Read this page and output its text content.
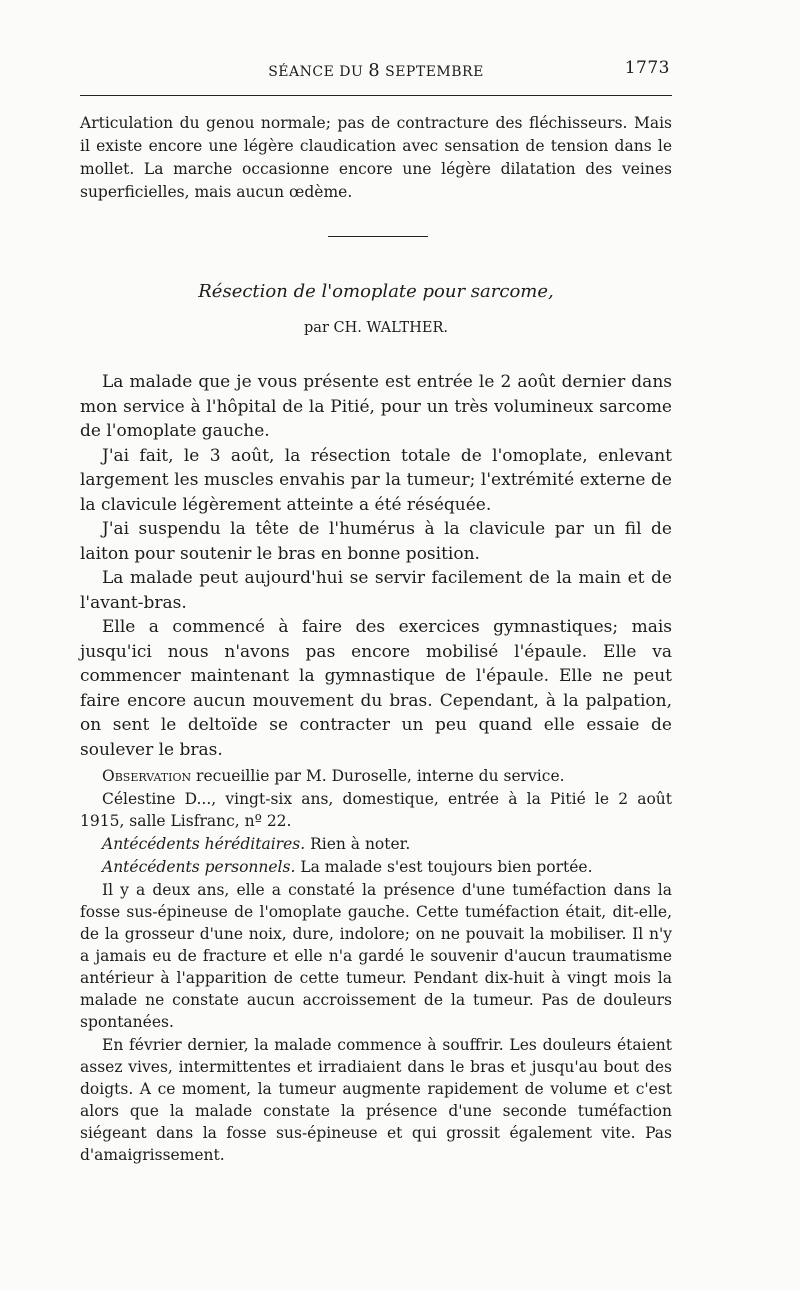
SÉANCE DU 8 SEPTEMBRE	1773
Articulation du genou normale; pas de contracture des fléchisseurs. Mais il existe encore une légère claudication avec sensation de tension dans le mollet. La marche occasionne encore une légère dilatation des veines superficielles, mais aucun œdème.
Résection de l'omoplate pour sarcome,
par CH. WALTHER.

La malade que je vous présente est entrée le 2 août dernier dans mon service à l'hôpital de la Pitié, pour un très volumineux sarcome de l'omoplate gauche.

J'ai fait, le 3 août, la résection totale de l'omoplate, enlevant largement les muscles envahis par la tumeur; l'extrémité externe de la clavicule légèrement atteinte a été réséquée.

J'ai suspendu la tête de l'humérus à la clavicule par un fil de laiton pour soutenir le bras en bonne position.

La malade peut aujourd'hui se servir facilement de la main et de l'avant-bras.

Elle a commencé à faire des exercices gymnastiques; mais jusqu'ici nous n'avons pas encore mobilisé l'épaule. Elle va commencer maintenant la gymnastique de l'épaule. Elle ne peut faire encore aucun mouvement du bras. Cependant, à la palpation, on sent le deltoïde se contracter un peu quand elle essaie de soulever le bras.

Observation recueillie par M. Duroselle, interne du service.

Célestine D..., vingt-six ans, domestique, entrée à la Pitié le 2 août 1915, salle Lisfranc, nº 22.

Antécédents héréditaires. Rien à noter.

Antécédents personnels. La malade s'est toujours bien portée.

Il y a deux ans, elle a constaté la présence d'une tuméfaction dans la fosse sus-épineuse de l'omoplate gauche. Cette tuméfaction était, dit-elle, de la grosseur d'une noix, dure, indolore; on ne pouvait la mobiliser. Il n'y a jamais eu de fracture et elle n'a gardé le souvenir d'aucun traumatisme antérieur à l'apparition de cette tumeur. Pendant dix-huit à vingt mois la malade ne constate aucun accroissement de la tumeur. Pas de douleurs spontanées.

En février dernier, la malade commence à souffrir. Les douleurs étaient assez vives, intermittentes et irradiaient dans le bras et jusqu'au bout des doigts. A ce moment, la tumeur augmente rapidement de volume et c'est alors que la malade constate la présence d'une seconde tuméfaction siégeant dans la fosse sus-épineuse et qui grossit également vite. Pas d'amaigrissement.
